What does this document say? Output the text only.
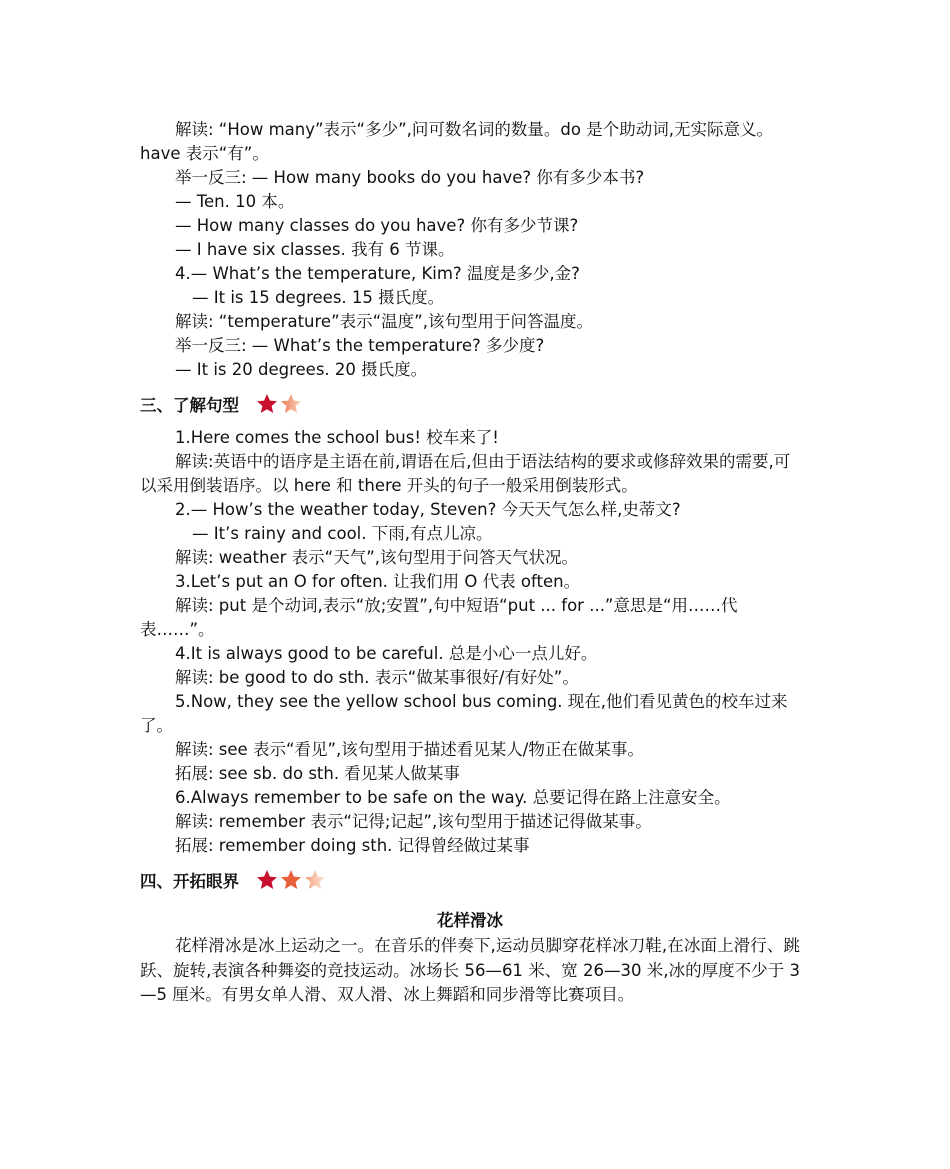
解读: “How many”表示“多少”,问可数名词的数量。do 是个助动词,无实际意义。have 表示“有”。
举一反三: — How many books do you have? 你有多少本书?
— Ten. 10 本。
— How many classes do you have? 你有多少节课?
— I have six classes. 我有 6 节课。
4.— What’s the temperature, Kim? 温度是多少,金?
— It is 15 degrees. 15 摄氏度。
解读: “temperature”表示“温度”,该句型用于问答温度。
举一反三: — What’s the temperature? 多少度?
— It is 20 degrees. 20 摄氏度。
三、了解句型
1.Here comes the school bus! 校车来了!
解读:英语中的语序是主语在前,谓语在后,但由于语法结构的要求或修辞效果的需要,可以采用倒装语序。以 here 和 there 开头的句子一般采用倒装形式。
2.— How’s the weather today, Steven? 今天天气怎么样,史蒂文?
— It’s rainy and cool. 下雨,有点儿凉。
解读: weather 表示“天气”,该句型用于问答天气状况。
3.Let’s put an O for often. 让我们用 O 代表 often。
解读: put 是个动词,表示“放;安置”,句中短语“put ... for ...”意思是“用……代表……”。
4.It is always good to be careful. 总是小心一点儿好。
解读: be good to do sth. 表示“做某事很好/有好处”。
5.Now, they see the yellow school bus coming. 现在,他们看见黄色的校车过来了。
解读: see 表示“看见”,该句型用于描述看见某人/物正在做某事。
拓展: see sb. do sth. 看见某人做某事
6.Always remember to be safe on the way. 总要记得在路上注意安全。
解读: remember 表示“记得;记起”,该句型用于描述记得做某事。
拓展: remember doing sth. 记得曾经做过某事
四、开拓眼界
花样滑冰
花样滑冰是冰上运动之一。在音乐的伴奏下,运动员脚穿花样冰刀鞋,在冰面上滑行、跳跃、旋转,表演各种舞姿的竞技运动。冰场长 56—61 米、宽 26—30 米,冰的厚度不少于 3—5 厘米。有男女单人滑、双人滑、冰上舞蹈和同步滑等比赛项目。
